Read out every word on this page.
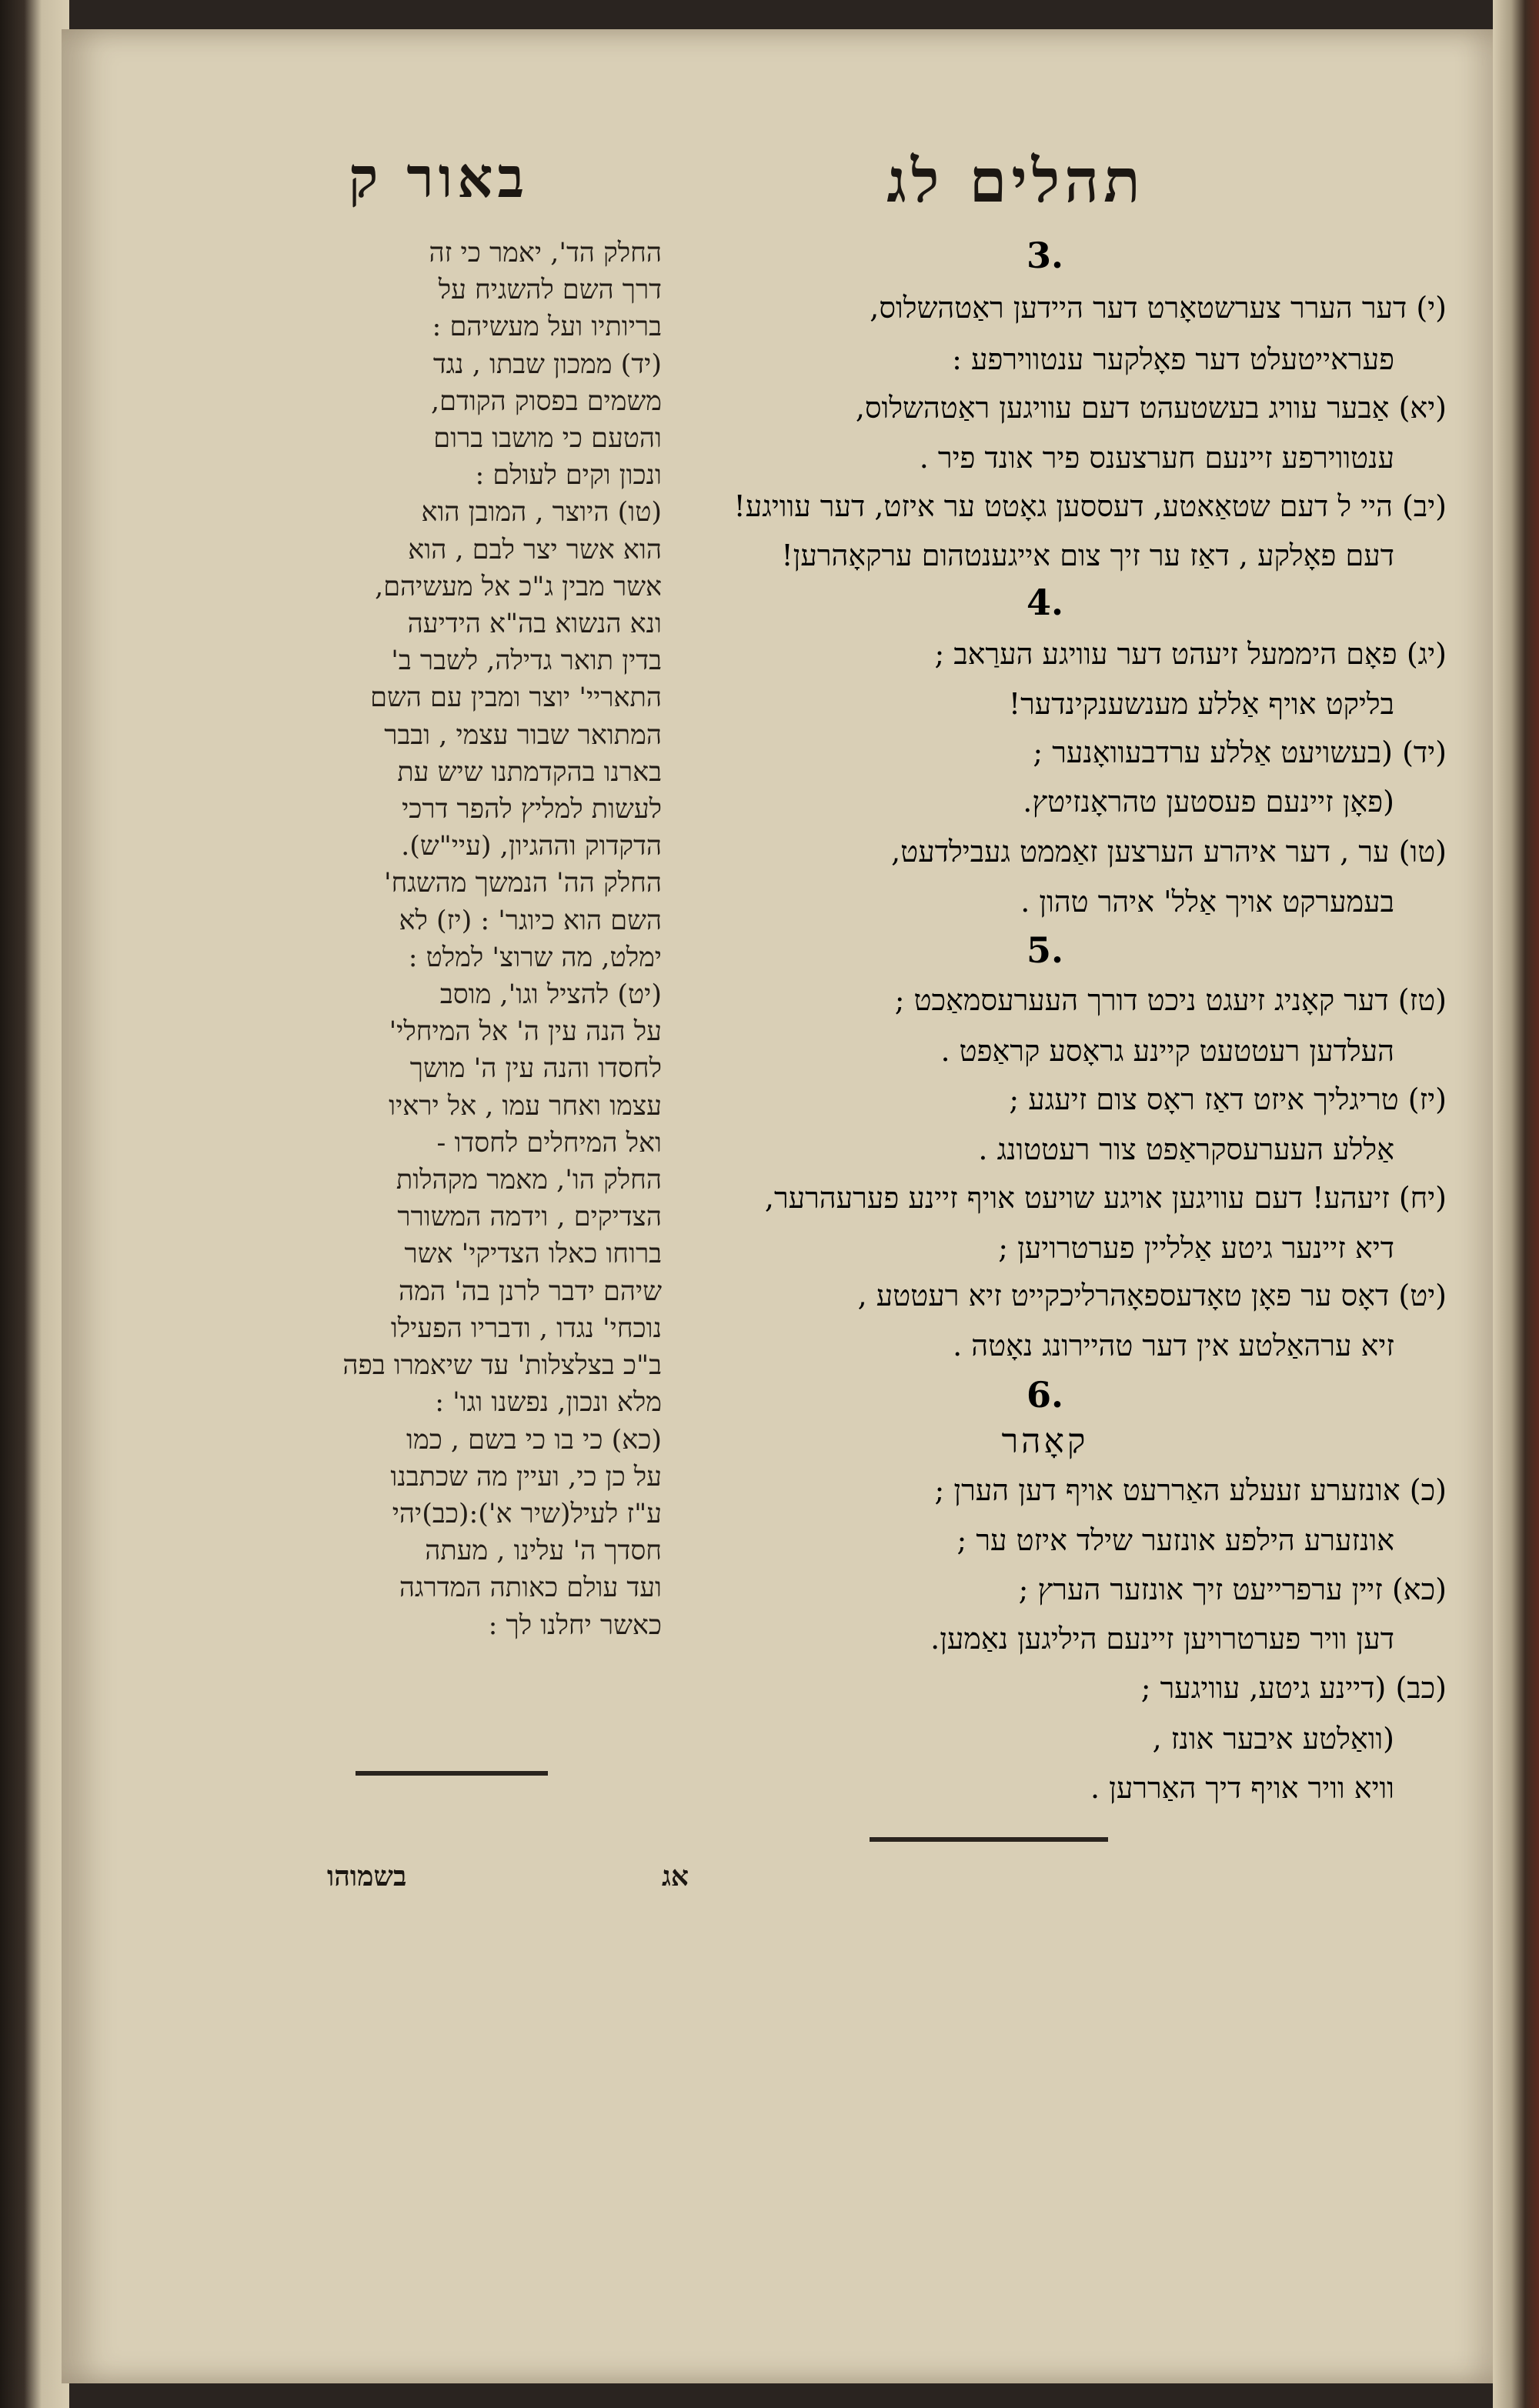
תהלים לג
באור ק
החלק הד', יאמר כי זה
דרך השם להשגיח על
בריותיו ועל מעשיהם :
(יד) ממכון שבתו , נגד
משמים בפסוק הקודם,
והטעם כי מושבו ברום
ונכון וקים לעולם :
(טו) היוצר , המובן הוא
הוא אשר יצר לבם , הוא
אשר מבין ג"כ אל מעשיהם,
ונא הנשוא בה"א הידיעה
בדין תואר גדילה, לשבר ב'
התאריי' יוצר ומבין עם השם
המתואר שבור עצמי , ובבר
בארנו בהקדמתנו שיש עת
לעשות למליץ להפר דרכי
הדקדוק וההגיון, (עיי"ש).
החלק הה' הנמשך מהשגח'
השם הוא כיוגר' : (יז) לא
ימלט, מה שרוצ' למלט :
(יט) להציל וגו', מוסב
על הנה עין ה' אל המיחלי'
לחסדו והנה עין ה' מושך
עצמו ואחר עמו , אל יראיו
ואל המיחלים לחסדו -
החלק הו', מאמר מקהלות
הצדיקים , וידמה המשורר
ברוחו כאלו הצדיקי' אשר
שיהם ידבר לרנן בה' המה
נוכחי' נגדו , ודבריו הפעילו
ב"כ בצלצלות' עד שיאמרו בפה
מלא ונכון, נפשנו וגו' :
(כא) כי בו כי בשם , כמו
על כן כי, ועיין מה שכתבנו
ע"ז לעיל(שיר א'):(כב)יהי
חסדך ה' עלינו , מעתה
ועד עולם כאותה המדרגה
כאשר יחלנו לך :
3.
(י) דער הערר צערשטאָרט דער היידען ראַטהשלוס,
פעראייטעלט דער פאָלקער ענטווירפע :
(יא) אַבער עוויג בעשטעהט דעם עוויגען ראַטהשלוס,
ענטווירפע זיינעם חערצענס פיר אונד פיר .
(יב) היי ל דעם שטאַאטע, דעססען גאָטט ער איזט, דער עוויגע!
דעם פאָלקע , דאַז ער זיך צום אייגענטהום ערקאָהרען!
4.
(יג) פאָם היממעל זיעהט דער עוויגע הערַאב ;
בליקט אויף אַללע מענשענקינדער!
(יד) (בעשויעט אַללע ערדבעוואָנער ;
(פאָן זיינעם פעסטען טהראָנזיטץ.
(טו) ער , דער איהרע הערצען זאַממט געבילדעט,
בעמערקט אויך אַלל' איהר טהון .
5.
(טז) דער קאָניג זיעגט ניכט דורך העערעסמאַכט ;
העלדען רעטטעט קיינע גראָסע קראַפט .
(יז) טריגליך איזט דאַז ראָס צום זיעגע ;
אַללע העערעסקראַפט צור רעטטונג .
(יח) זיעהע! דעם עוויגען אויגע שויעט אויף זיינע פערעהרער,
דיא זיינער גיטע אַלליין פערטרויען ;
(יט) דאָס ער פאָן טאָדעספאָהרליכקייט זיא רעטטע ,
זיא ערהאַלטע אין דער טהיירונג נאָטה .
6.
קאָהר
(כ) אונזערע זעעלע האַררעט אויף דען הערן ;
אונזערע הילפע אונזער שילד איזט ער ;
(כא) זיין ערפרייעט זיך אונזער הערץ ;
דען וויר פערטרויען זיינעם היליגען נאַמען.
(כב) (דיינע גיטע, עוויגער ;
(וואַלטע איבער אונז ,
וויא וויר אויף דיך האַררען .
בשמוהו	אג
